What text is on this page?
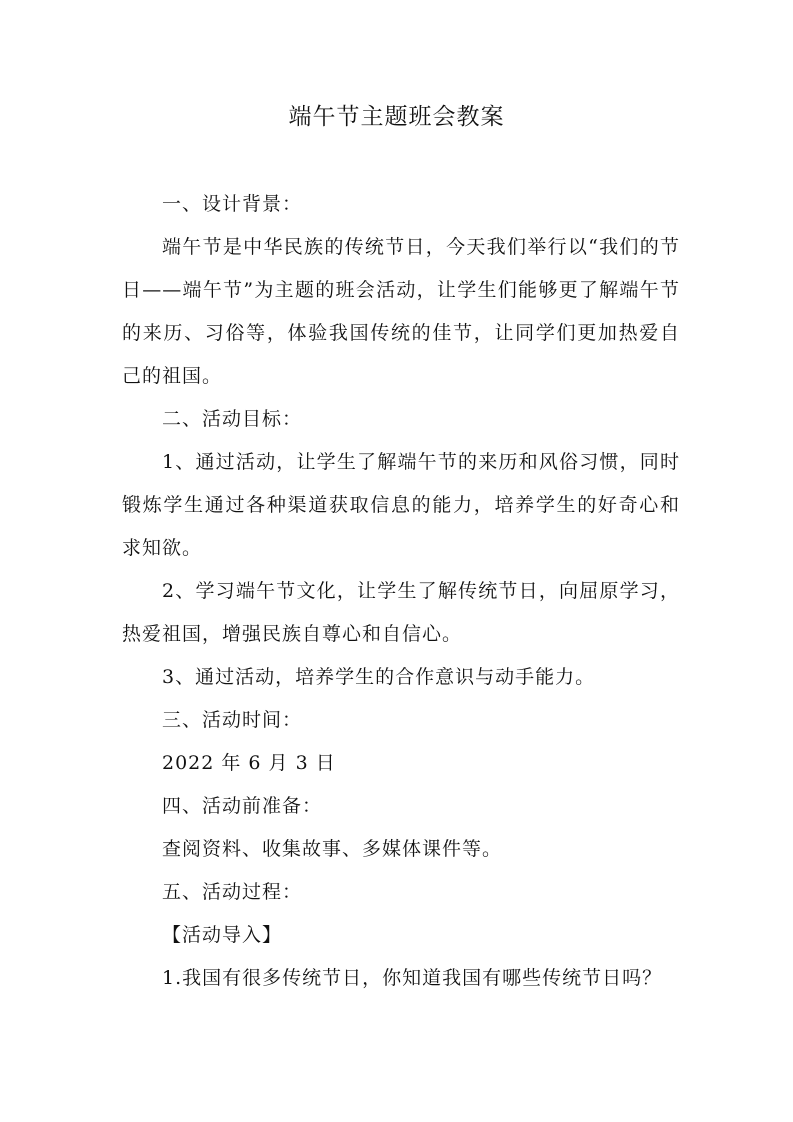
端午节主题班会教案

一、设计背景：

端午节是中华民族的传统节日，今天我们举行以“我们的节日——端午节”为主题的班会活动，让学生们能够更了解端午节的来历、习俗等，体验我国传统的佳节，让同学们更加热爱自己的祖国。

二、活动目标：

1、通过活动，让学生了解端午节的来历和风俗习惯，同时锻炼学生通过各种渠道获取信息的能力，培养学生的好奇心和求知欲。

2、学习端午节文化，让学生了解传统节日，向屈原学习，热爱祖国，增强民族自尊心和自信心。

3、通过活动，培养学生的合作意识与动手能力。

三、活动时间：

2022 年 6 月 3 日

四、活动前准备：

查阅资料、收集故事、多媒体课件等。

五、活动过程：

【活动导入】

1.我国有很多传统节日，你知道我国有哪些传统节日吗？
